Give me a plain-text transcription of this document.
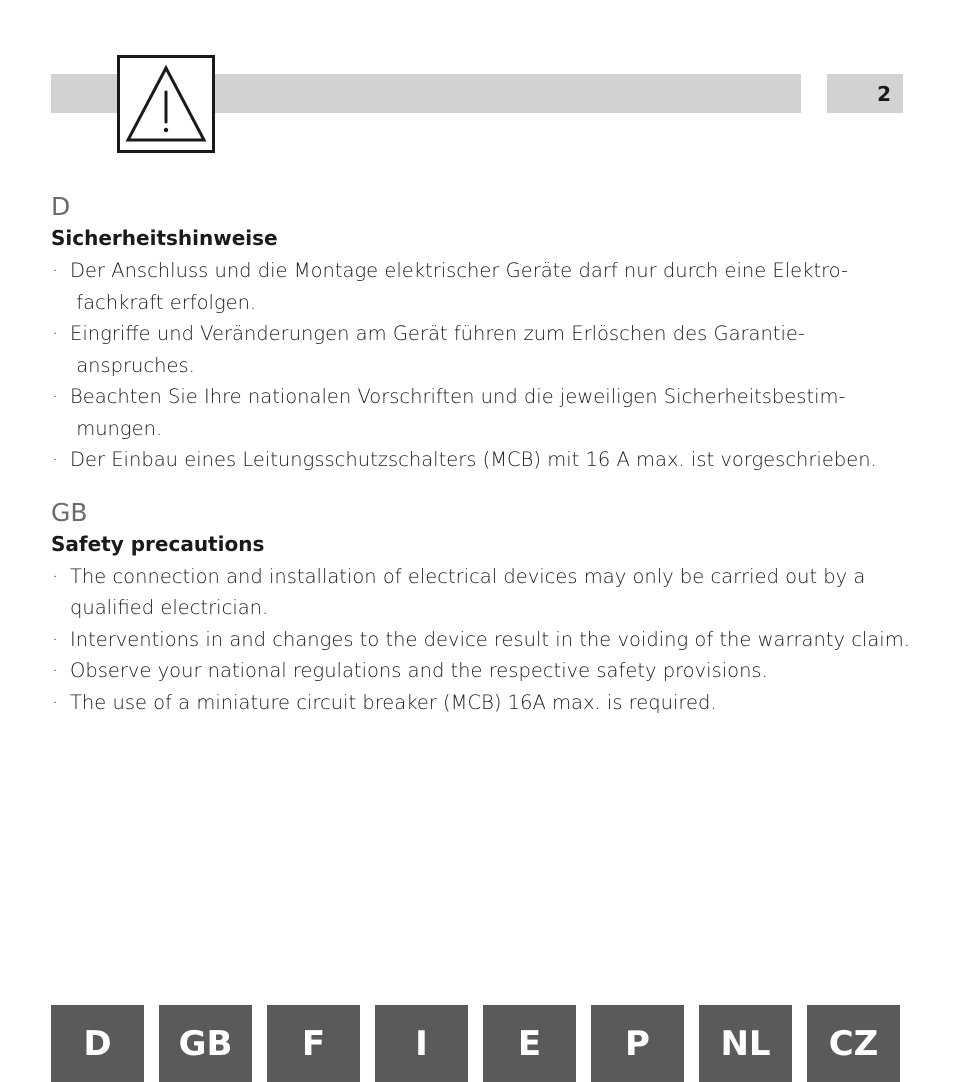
2
D
Sicherheitshinweise
· Der Anschluss und die Montage elektrischer Geräte darf nur durch eine Elektro- fachkraft erfolgen.
· Eingriffe und Veränderungen am Gerät führen zum Erlöschen des Garantie- anspruches.
· Beachten Sie Ihre nationalen Vorschriften und die jeweiligen Sicherheitsbestim- mungen.
· Der Einbau eines Leitungsschutzschalters (MCB) mit 16 A max. ist vorgeschrieben.
GB
Safety precautions
· The connection and installation of electrical devices may only be carried out by a qualified electrician.
· Interventions in and changes to the device result in the voiding of the warranty claim.
· Observe your national regulations and the respective safety provisions.
· The use of a miniature circuit breaker (MCB) 16A max. is required.
D	GB	F	I	E	P	NL	CZ
